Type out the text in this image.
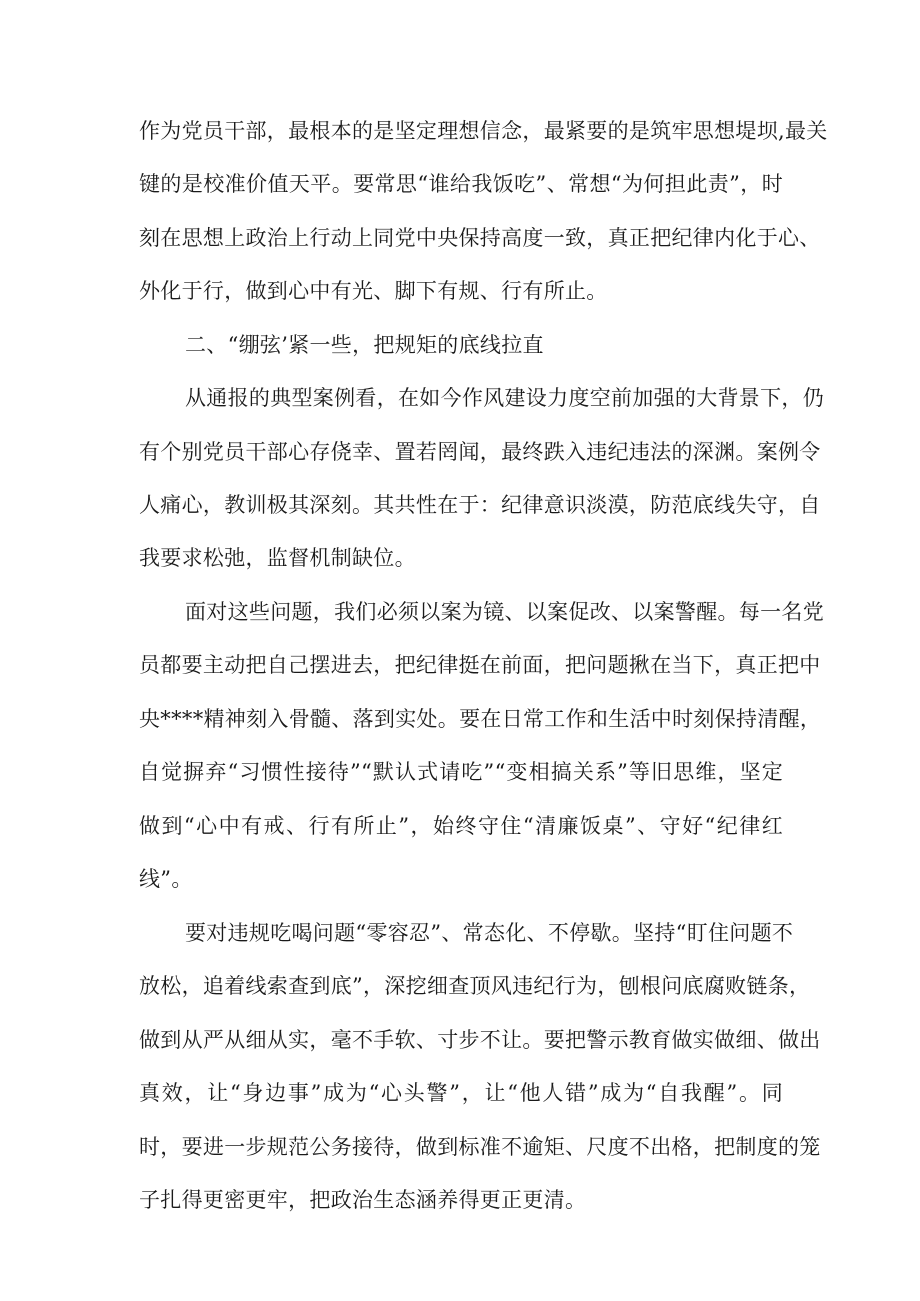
作为党员干部，最根本的是坚定理想信念，最紧要的是筑牢思想堤坝,最关
键的是校准价值天平。要常思“谁给我饭吃”、常想“为何担此责”，时
刻在思想上政治上行动上同党中央保持高度一致，真正把纪律内化于心、
外化于行，做到心中有光、脚下有规、行有所止。
二、“绷弦’紧一些，把规矩的底线拉直
从通报的典型案例看，在如今作风建设力度空前加强的大背景下，仍
有个别党员干部心存侥幸、置若罔闻，最终跌入违纪违法的深渊。案例令
人痛心，教训极其深刻。其共性在于：纪律意识淡漠，防范底线失守，自
我要求松弛，监督机制缺位。
面对这些问题，我们必须以案为镜、以案促改、以案警醒。每一名党
员都要主动把自己摆进去，把纪律挺在前面，把问题揪在当下，真正把中
央****精神刻入骨髓、落到实处。要在日常工作和生活中时刻保持清醒，
自觉摒弃“习惯性接待”“默认式请吃”“变相搞关系”等旧思维，坚定
做到“心中有戒、行有所止”，始终守住“清廉饭桌”、守好“纪律红
线”。
要对违规吃喝问题“零容忍”、常态化、不停歇。坚持“盯住问题不
放松，追着线索查到底”，深挖细查顶风违纪行为，刨根问底腐败链条，
做到从严从细从实，毫不手软、寸步不让。要把警示教育做实做细、做出
真效，让“身边事”成为“心头警”，让“他人错”成为“自我醒”。同
时，要进一步规范公务接待，做到标准不逾矩、尺度不出格，把制度的笼
子扎得更密更牢，把政治生态涵养得更正更清。
